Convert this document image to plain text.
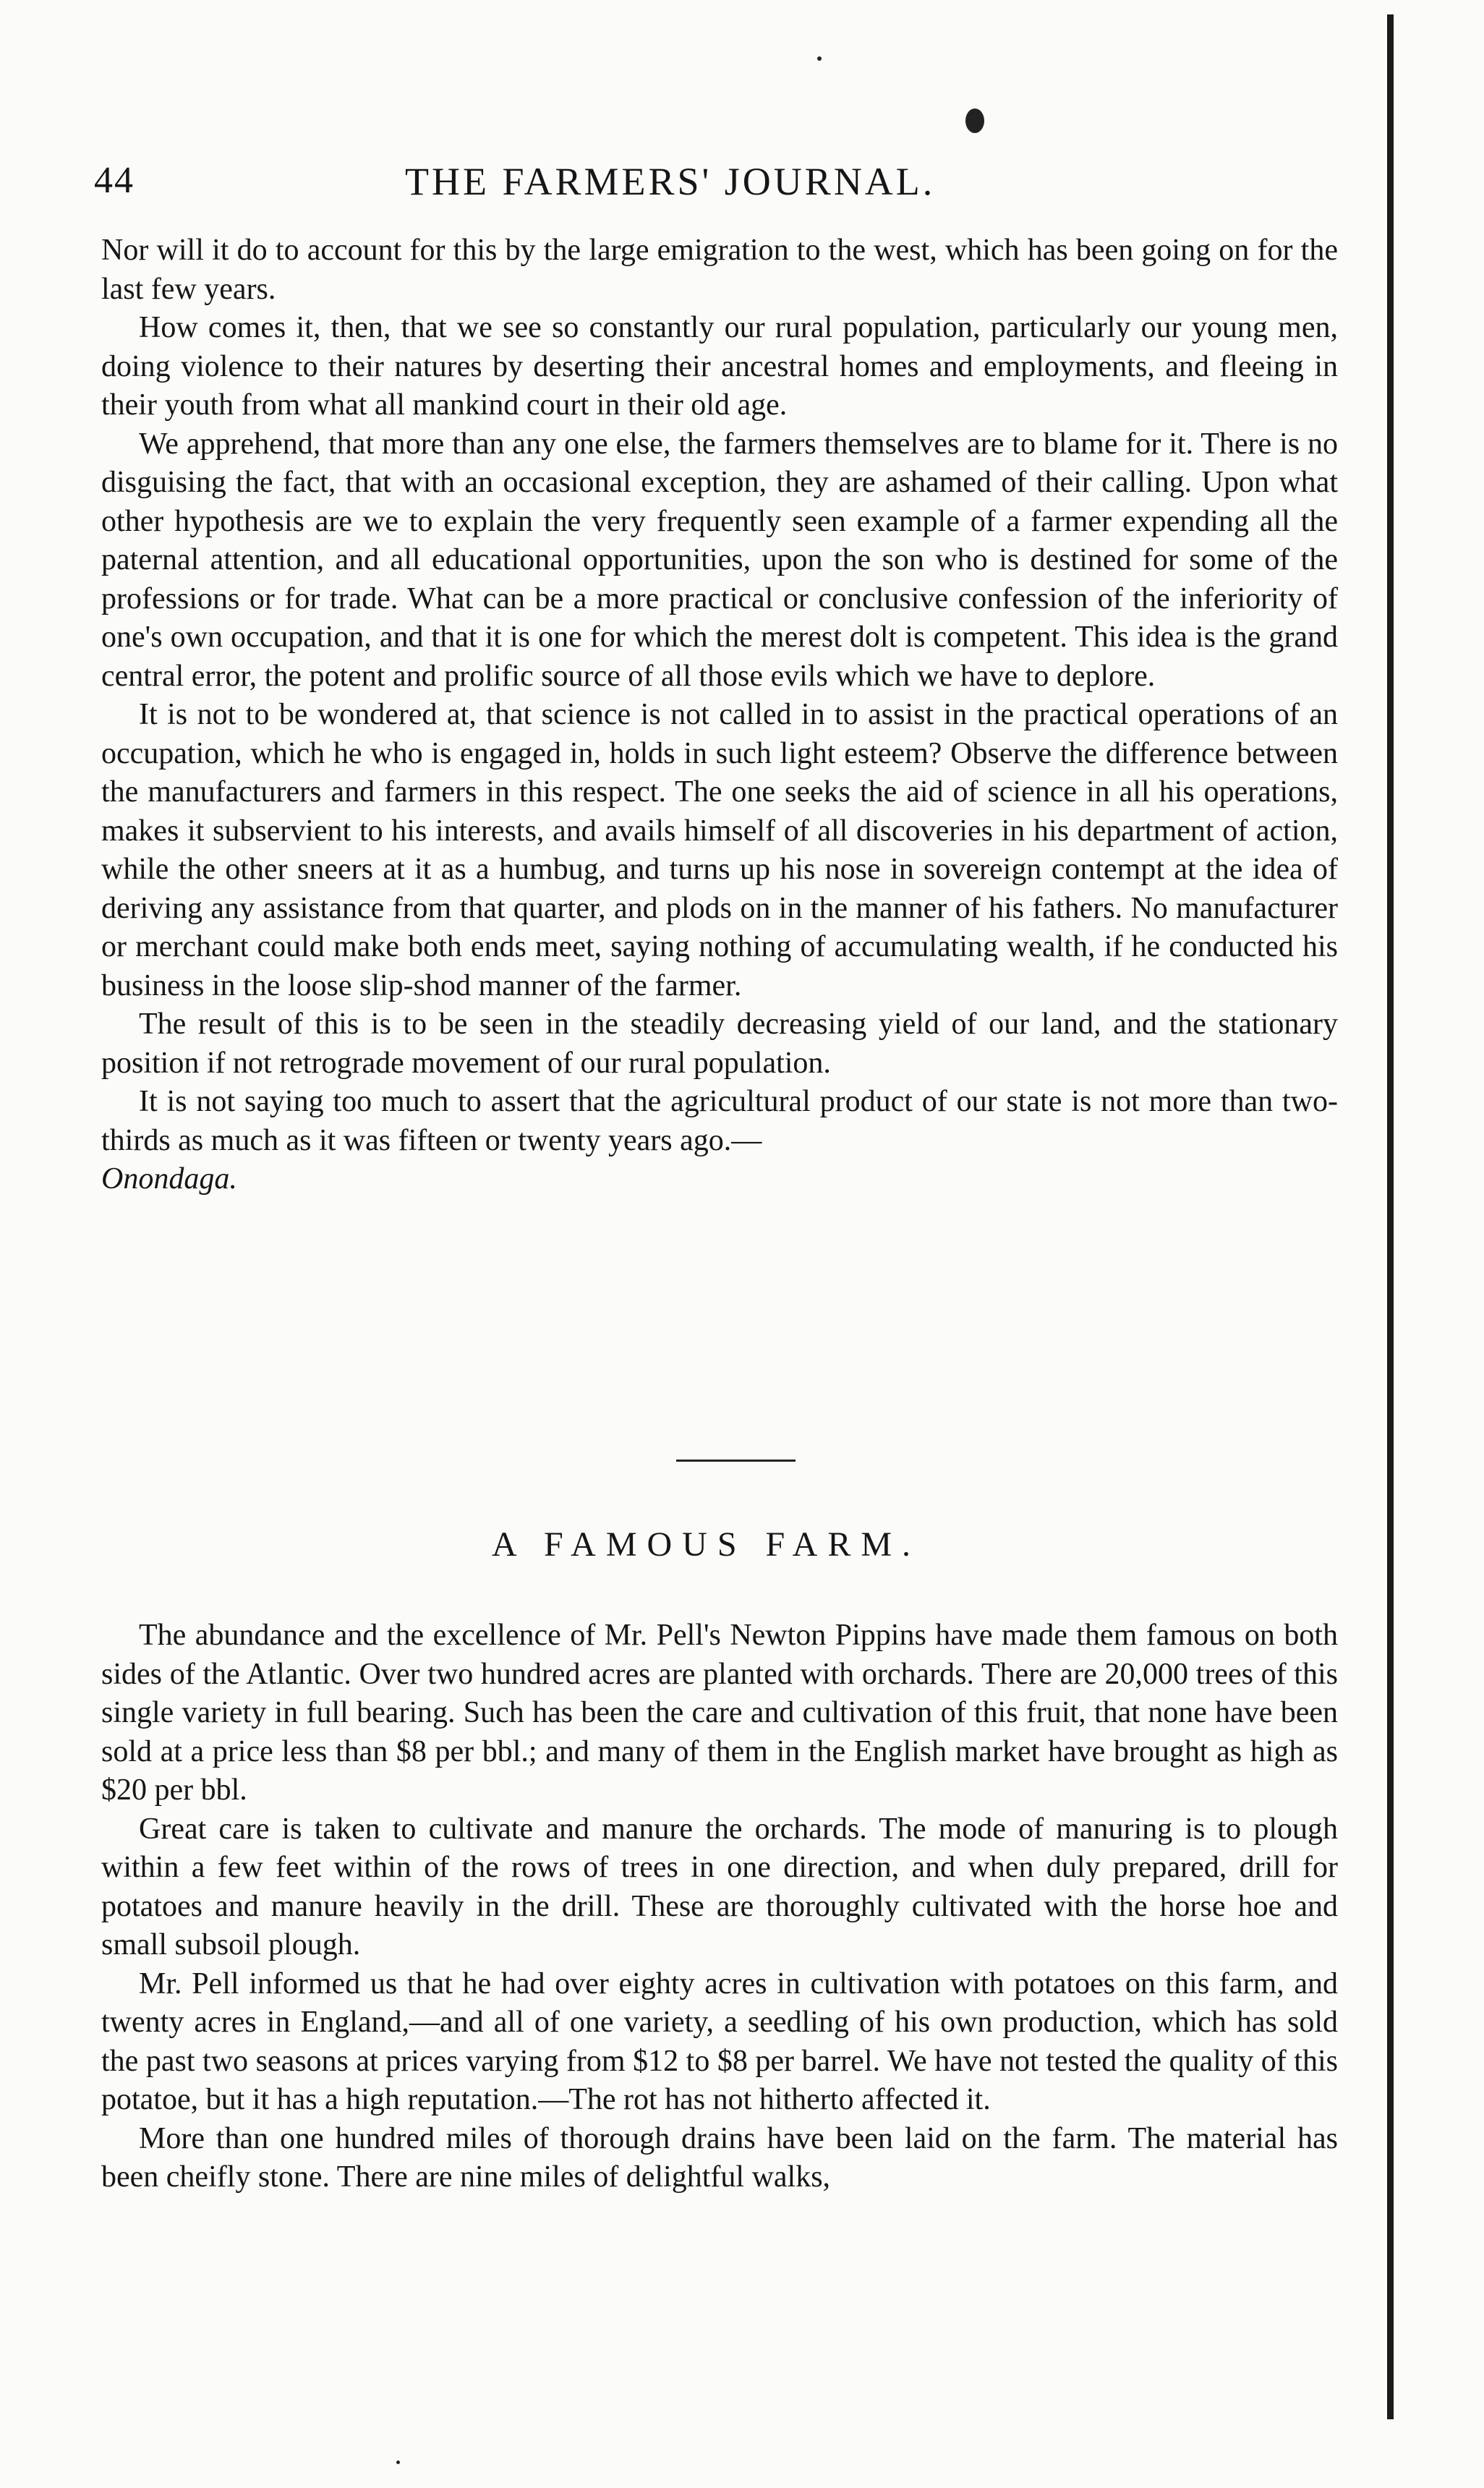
44	THE FARMERS' JOURNAL.

Nor will it do to account for this by the large emigration to the west, which has been going on for the last few years.

How comes it, then, that we see so constantly our rural population, particularly our young men, doing violence to their natures by deserting their ancestral homes and employments, and fleeing in their youth from what all mankind court in their old age.

We apprehend, that more than any one else, the farmers themselves are to blame for it. There is no disguising the fact, that with an occasional exception, they are ashamed of their calling. Upon what other hypothesis are we to explain the very frequently seen example of a farmer expending all the paternal attention, and all educational opportunities, upon the son who is destined for some of the professions or for trade. What can be a more practical or conclusive confession of the inferiority of one's own occupation, and that it is one for which the merest dolt is competent. This idea is the grand central error, the potent and prolific source of all those evils which we have to deplore.

It is not to be wondered at, that science is not called in to assist in the practical operations of an occupation, which he who is engaged in, holds in such light esteem? Observe the difference between the manufacturers and farmers in this respect. The one seeks the aid of science in all his operations, makes it subservient to his interests, and avails himself of all discoveries in his department of action, while the other sneers at it as a humbug, and turns up his nose in sovereign contempt at the idea of deriving any assistance from that quarter, and plods on in the manner of his fathers. No manufacturer or merchant could make both ends meet, saying nothing of accumulating wealth, if he conducted his business in the loose slip-shod manner of the farmer.

The result of this is to be seen in the steadily decreasing yield of our land, and the stationary position if not retrograde movement of our rural population.

It is not saying too much to assert that the agricultural product of our state is not more than two-thirds as much as it was fifteen or twenty years ago.—

Onondaga.

A FAMOUS FARM.

The abundance and the excellence of Mr. Pell's Newton Pippins have made them famous on both sides of the Atlantic. Over two hundred acres are planted with orchards. There are 20,000 trees of this single variety in full bearing. Such has been the care and cultivation of this fruit, that none have been sold at a price less than $8 per bbl.; and many of them in the English market have brought as high as $20 per bbl.

Great care is taken to cultivate and manure the orchards. The mode of manuring is to plough within a few feet within of the rows of trees in one direction, and when duly prepared, drill for potatoes and manure heavily in the drill. These are thoroughly cultivated with the horse hoe and small subsoil plough.

Mr. Pell informed us that he had over eighty acres in cultivation with potatoes on this farm, and twenty acres in England,—and all of one variety, a seedling of his own production, which has sold the past two seasons at prices varying from $12 to $8 per barrel. We have not tested the quality of this potatoe, but it has a high reputation.—The rot has not hitherto affected it.

More than one hundred miles of thorough drains have been laid on the farm. The material has been cheifly stone. There are nine miles of delightful walks,
